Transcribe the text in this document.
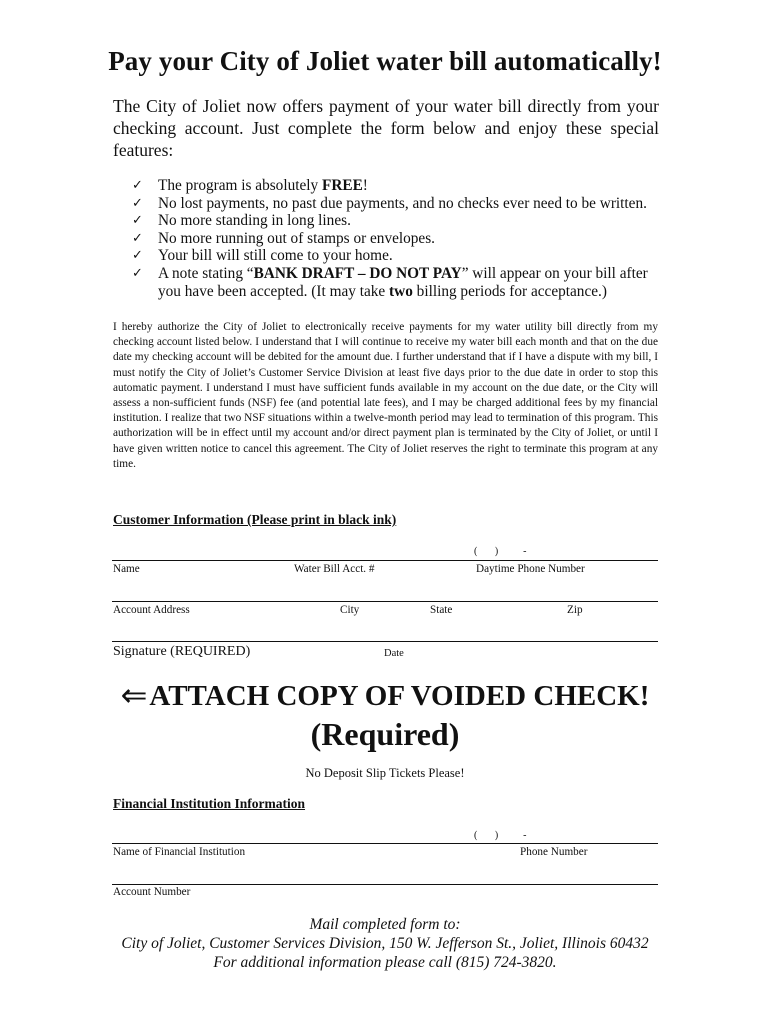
Pay your City of Joliet water bill automatically!
The City of Joliet now offers payment of your water bill directly from your checking account. Just complete the form below and enjoy these special features:
✓ The program is absolutely FREE!
✓ No lost payments, no past due payments, and no checks ever need to be written.
✓ No more standing in long lines.
✓ No more running out of stamps or envelopes.
✓ Your bill will still come to your home.
✓ A note stating “BANK DRAFT – DO NOT PAY” will appear on your bill after you have been accepted. (It may take two billing periods for acceptance.)
I hereby authorize the City of Joliet to electronically receive payments for my water utility bill directly from my checking account listed below. I understand that I will continue to receive my water bill each month and that on the due date my checking account will be debited for the amount due. I further understand that if I have a dispute with my bill, I must notify the City of Joliet’s Customer Service Division at least five days prior to the due date in order to stop this automatic payment. I understand I must have sufficient funds available in my account on the due date, or the City will assess a non-sufficient funds (NSF) fee (and potential late fees), and I may be charged additional fees by my financial institution. I realize that two NSF situations within a twelve-month period may lead to termination of this program. This authorization will be in effect until my account and/or direct payment plan is terminated by the City of Joliet, or until I have given written notice to cancel this agreement. The City of Joliet reserves the right to terminate this program at any time.
Customer Information (Please print in black ink)
(       )          -
Name	Water Bill Acct. #	Daytime Phone Number
Account Address	City	State	Zip
Signature (REQUIRED)	Date
⇐ATTACH COPY OF VOIDED CHECK!
(Required)
No Deposit Slip Tickets Please!
Financial Institution Information
(       )          -
Name of Financial Institution	Phone Number
Account Number
Mail completed form to:
City of Joliet, Customer Services Division, 150 W. Jefferson St., Joliet, Illinois 60432
For additional information please call (815) 724-3820.
